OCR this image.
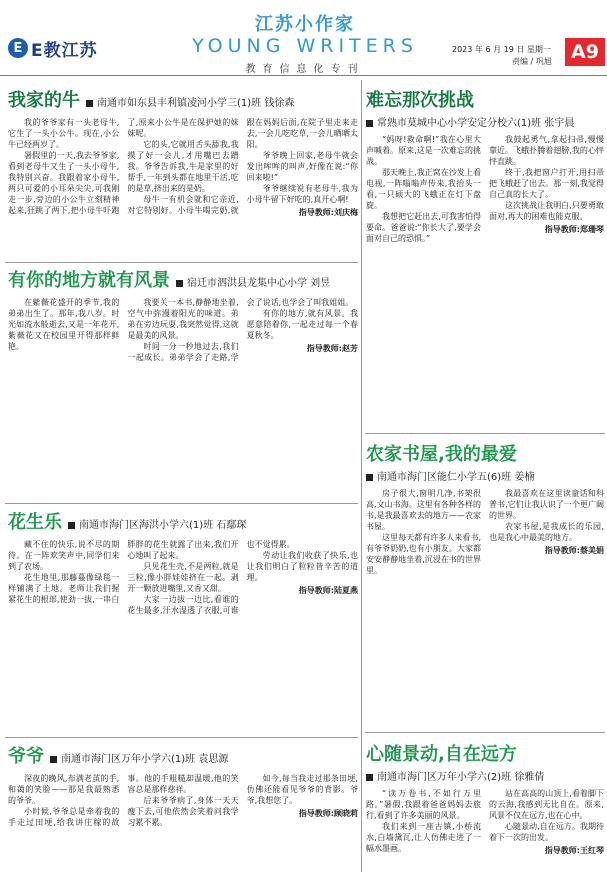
E E教江苏
江苏小作家
YOUNG WRITERS
教育信息化专刊
2023 年 6 月 19 日 星期一
责编 / 巩旭	A9
我家的牛	南通市如东县丰利镇凌河小学三(1)班 钱徐森

我的爷爷家有一头老母牛,它生了一头小公牛。现在,小公牛已经两岁了。

暑假里的一天,我去爷爷家,看到老母牛又生了一头小母牛,我特别兴奋。我跟着家小母牛,两只可爱的小耳朵尖尖,可我刚走一步,旁边的小公牛立刻精神起来,狂跳了两下,把小母牛吓跑了,原来小公牛是在保护她的妹妹呢。

它的头,它就用舌头舔我,我摸了好一会儿,才用嘴巴去蹭我。爷爷告诉我,牛是家里的好帮手,一年到头都在地里干活,吃的是草,挤出来的是奶。

母牛一有机会就和它亲近,对它特别好。小母牛喝完奶,就跟在妈妈后面,在院子里走来走去,一会儿吃吃草,一会儿晒晒太阳。

爷爷晚上回家,老母牛就会发出哞哞的叫声,好像在说:“你回来啦!”

爷爷继续说有老母牛,我为小母牛留下好吃的,真开心啊!

指导教师:刘庆梅
有你的地方就有风景	宿迁市泗洪县龙集中心小学 刘昱

在紫薇花盛开的季节,我的弟弟出生了。那年,我八岁。时光如流水般逝去,又是一年花开,紫薇花又在校园里开得那样鲜艳。

我要关一本书,静静地坐着,空气中弥漫着阳光的味道。弟弟在旁边玩耍,我突然觉得,这就是最美的风景。

时间一分一秒地过去,我们一起成长。弟弟学会了走路,学会了说话,也学会了叫我姐姐。

有你的地方,就有风景。我愿意陪着你,一起走过每一个春夏秋冬。

指导教师:赵芳
花生乐	南通市海门区海洪小学六(1)班 石鄢琛

藏不住的快乐,说不尽的期待。在一阵欢笑声中,同学们来到了农场。

花生地里,那藤蔓像绿毯一样铺满了土地。老师让我们握紧花生的根部,使劲一拔,一串白胖胖的花生就露了出来,我们开心地叫了起来。

只见花生壳,不是两粒,就是三粒,像小胖娃娃挤在一起。剥开一颗放进嘴里,又香又甜。

大家一边拔一边比,看谁的花生最多,汗水湿透了衣服,可谁也不觉得累。

劳动让我们收获了快乐,也让我们明白了粒粒皆辛苦的道理。

指导教师:陆夏燕
爷爷	南通市海门区万年小学六(1)班 袁思源

深夜的晚风,布满老茧的手,和蔼的笑脸——那是我最熟悉的爷爷。

小时候,爷爷总是牵着我的手走过田埂,给我讲庄稼的故事。他的手粗糙却温暖,他的笑容总是那样慈祥。

后来爷爷病了,身体一天天瘦下去,可他依然会笑着问我学习累不累。

如今,每当我走过那条田埂,仿佛还能看见爷爷的背影。爷爷,我想您了。

指导教师:顾晓莉
难忘那次挑战
常熟市莫城中心小学安定分校六(1)班 张宇晨

“妈呀!救命啊!”我在心里大声喊着。原来,这是一次难忘的挑战。

那天晚上,我正窝在沙发上看电视,一阵嗡嗡声传来,我抬头一看,一只硕大的飞蛾正在灯下盘旋。

我想把它赶出去,可我害怕得要命。爸爸说:“你长大了,要学会面对自己的恐惧。”

我鼓起勇气,拿起扫帚,慢慢靠近。飞蛾扑腾着翅膀,我的心怦怦直跳。

终于,我把窗户打开,用扫帚把飞蛾赶了出去。那一刻,我觉得自己真的长大了。

这次挑战让我明白,只要勇敢面对,再大的困难也能克服。

指导教师:郑珊琴
农家书屋,我的最爱
南通市海门区能仁小学五(6)班 姜楠

房子很大,窗明几净,书架很高,文山书海。这里有各种各样的书,是我最喜欢去的地方——农家书屋。

这里每天都有许多人来看书,有爷爷奶奶,也有小朋友。大家都安安静静地坐着,沉浸在书的世界里。

我最喜欢在这里读童话和科普书,它们让我认识了一个更广阔的世界。

农家书屋,是我成长的乐园,也是我心中最美的地方。

指导教师:蔡美娟
心随景动,自在远方
南通市海门区万年小学六(2)班 徐雅倩

“读万卷书,不如行万里路。”暑假,我跟着爸爸妈妈去旅行,看到了许多美丽的风景。

我们来到一座古镇,小桥流水,白墙黛瓦,让人仿佛走进了一幅水墨画。

站在高高的山顶上,看着脚下的云海,我感到无比自在。原来,风景不仅在远方,也在心中。

心随景动,自在远方。我期待着下一次的出发。

指导教师:王红琴
